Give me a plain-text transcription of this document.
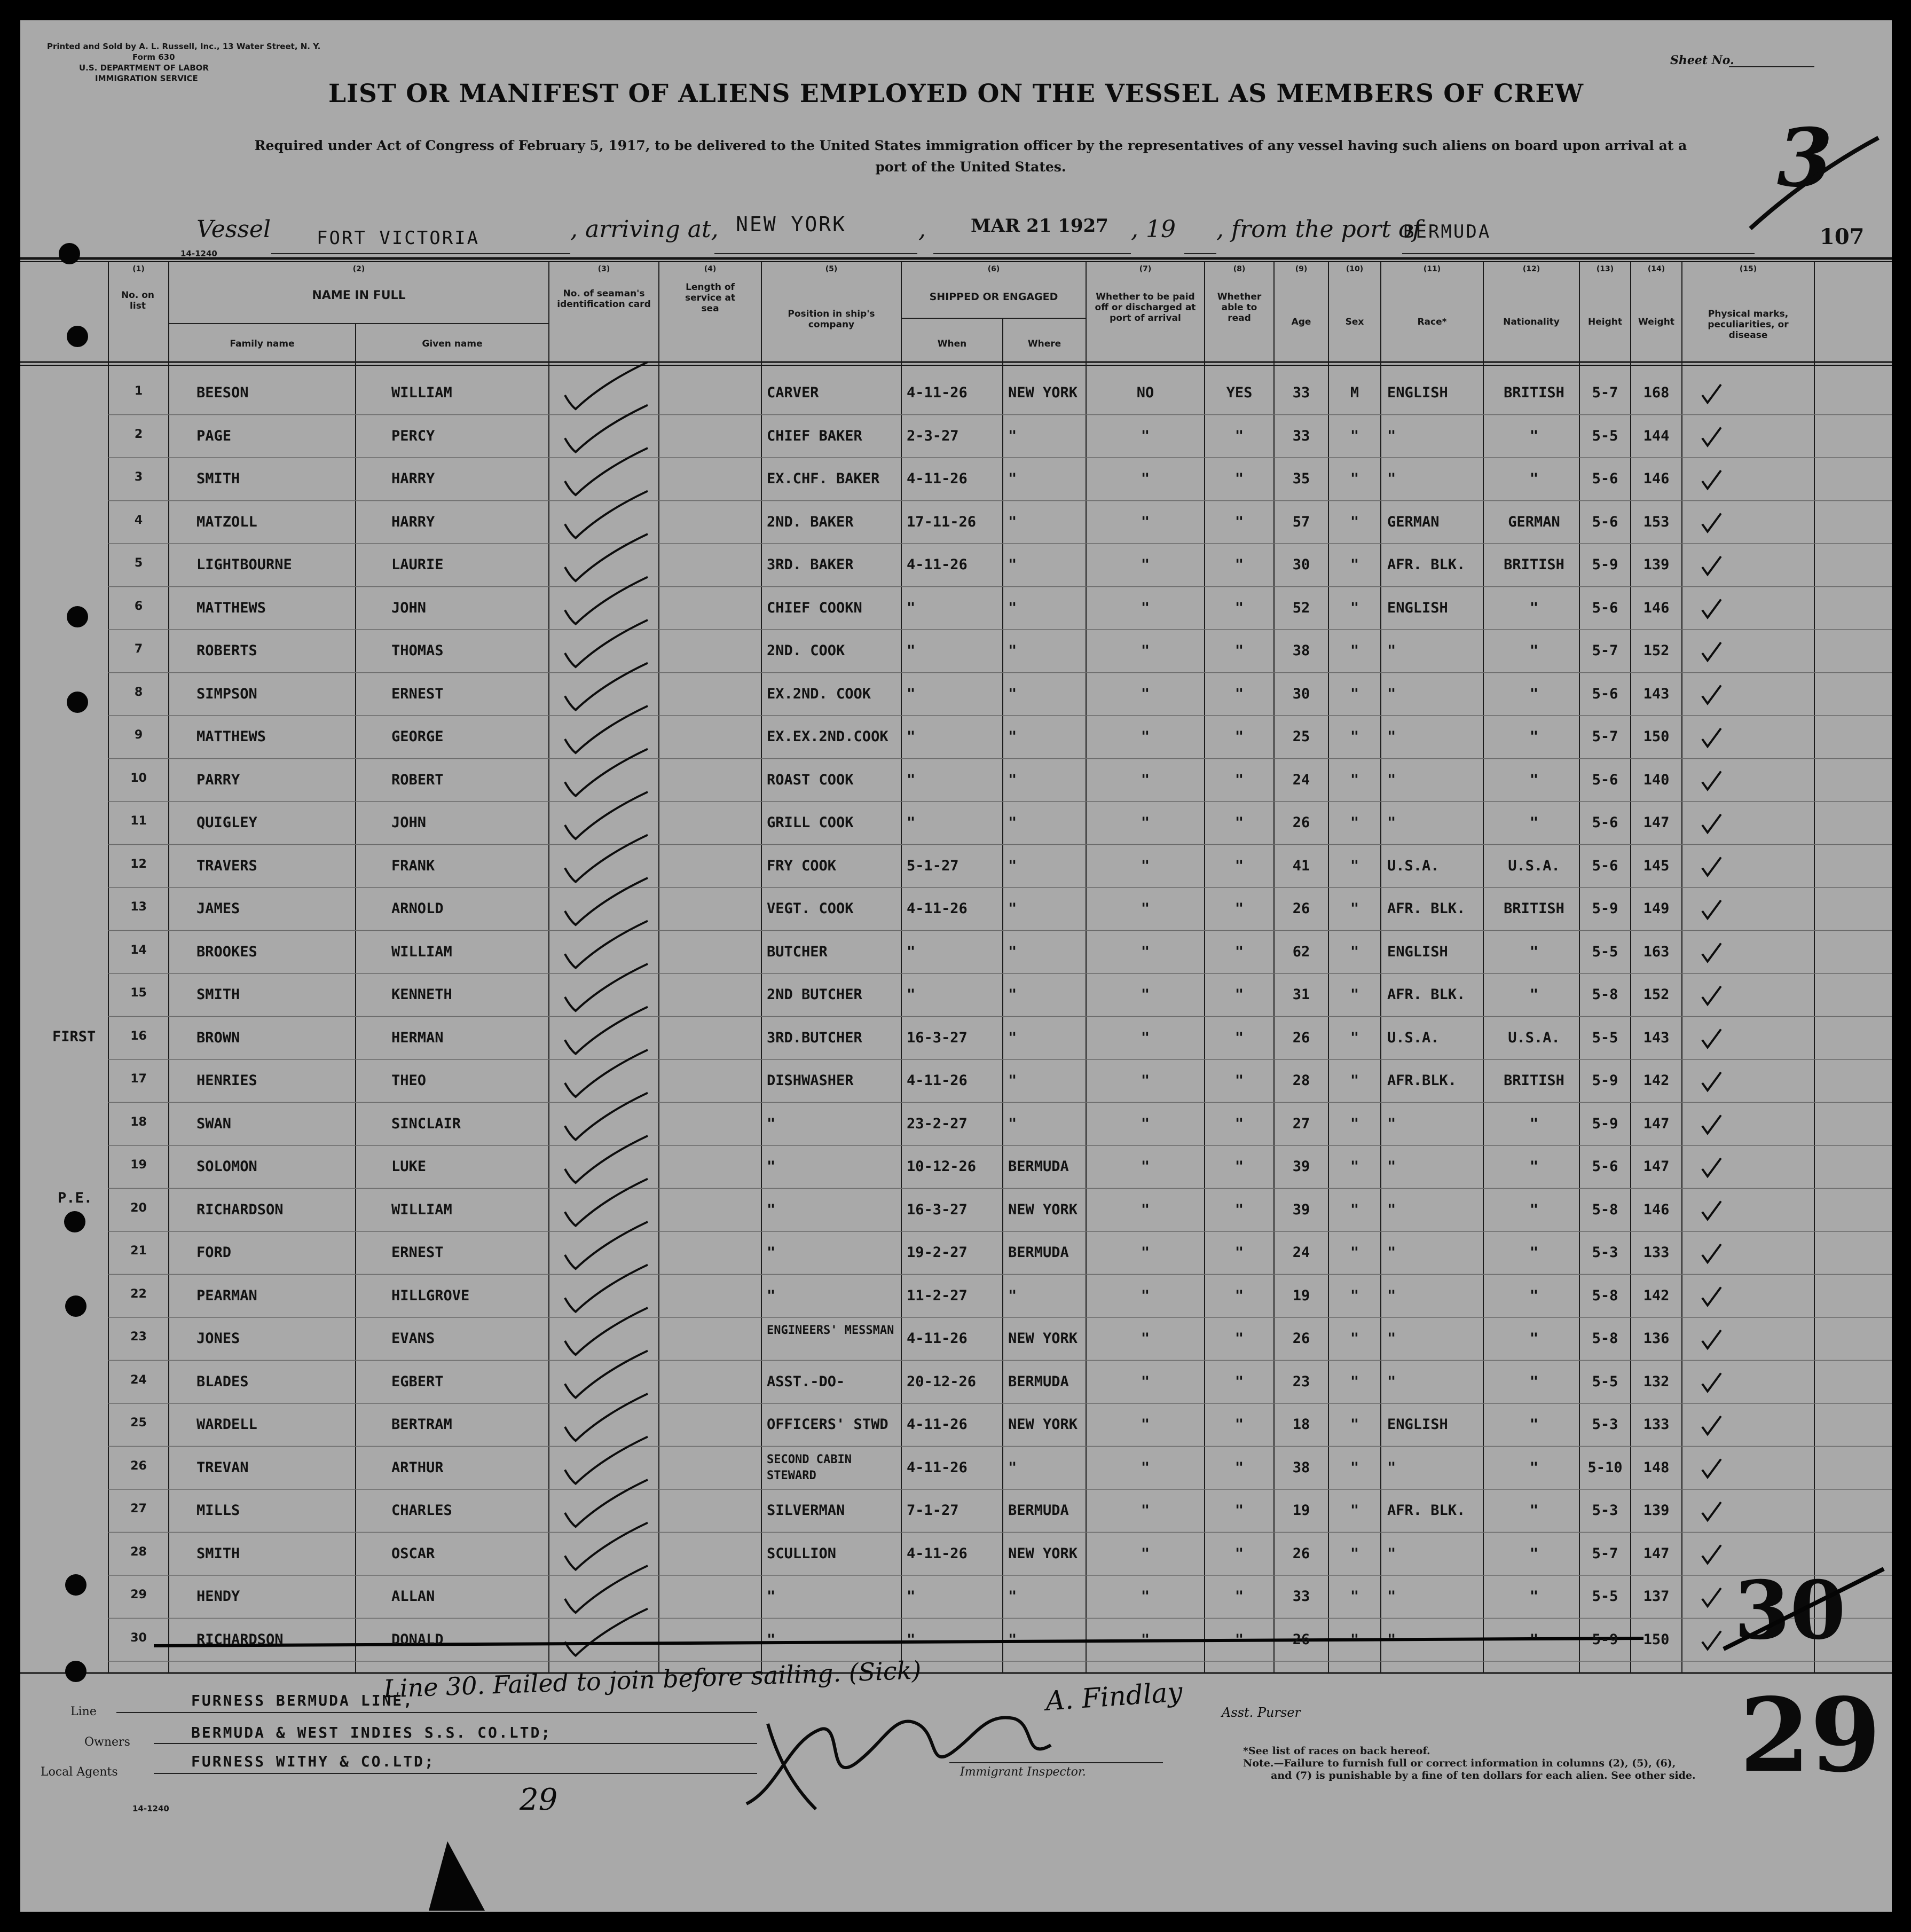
Printed and Sold by A. L. Russell, Inc., 13 Water Street, N. Y.
Form 630
U.S. DEPARTMENT OF LABOR
IMMIGRATION SERVICE
Sheet No.
LIST OR MANIFEST OF ALIENS EMPLOYED ON THE VESSEL AS MEMBERS OF CREW
Required under Act of Congress of February 5, 1917, to be delivered to the United States immigration officer by the representatives of any vessel having such aliens on board upon arrival at a
port of the United States.	3
107
Vessel	FORT VICTORIA	, arriving at, NEW YORK	, MAR 21 1927 , 19 , from the port of
BERMUDA
14-1240
(1)	(2)	(3)	(4)	(5)	(6)	(7)	(8)	(9)	(10)	(11)	(12)	(13)	(14)	(15)
No. on list
NAME IN FULL
Family name	Given name
No. of seaman's identification card
Length of service at sea	Position in ship's company
SHIPPED OR ENGAGED
When	Where
Whether to be paid off or discharged at port of arrival
Whether able to read	Age	Sex	Race*	Nationality	Height	Weight
Physical marks, peculiarities, or disease
1	BEESON	WILLIAM	CARVER	4-11-26	NEW YORK	NO	YES	33	M	ENGLISH	BRITISH	5-7	168
2	PAGE	PERCY	CHIEF BAKER	2-3-27	"	"	"	33	"	"	"	5-5	144
3	SMITH	HARRY	EX.CHF. BAKER	4-11-26	"	"	"	35	"	"	"	5-6	146
4	MATZOLL	HARRY	2ND. BAKER	17-11-26	"	"	"	57	"	GERMAN	GERMAN	5-6	153
5	LIGHTBOURNE	LAURIE	3RD. BAKER	4-11-26	"	"	"	30	"	AFR. BLK.	BRITISH	5-9	139
6	MATTHEWS	JOHN	CHIEF COOKN	"	"	"	"	52	"	ENGLISH	"	5-6	146
7	ROBERTS	THOMAS	2ND. COOK	"	"	"	"	38	"	"	"	5-7	152
8	SIMPSON	ERNEST	EX.2ND. COOK	"	"	"	"	30	"	"	"	5-6	143
9	MATTHEWS	GEORGE	EX.EX.2ND.COOK	"	"	"	"	25	"	"	"	5-7	150
10	PARRY	ROBERT	ROAST COOK	"	"	"	"	24	"	"	"	5-6	140
11	QUIGLEY	JOHN	GRILL COOK	"	"	"	"	26	"	"	"	5-6	147
12	TRAVERS	FRANK	FRY COOK	5-1-27	"	"	"	41	"	U.S.A.	U.S.A.	5-6	145
13	JAMES	ARNOLD	VEGT. COOK	4-11-26	"	"	"	26	"	AFR. BLK.	BRITISH	5-9	149
14	BROOKES	WILLIAM	BUTCHER	"	"	"	"	62	"	ENGLISH	"	5-5	163
15	SMITH	KENNETH	2ND BUTCHER	"	"	"	"	31	"	AFR. BLK.	"	5-8	152
16	BROWN	HERMAN	3RD.BUTCHER	16-3-27	"	"	"	26	"	U.S.A.	U.S.A.	5-5	143
17	HENRIES	THEO	DISHWASHER	4-11-26	"	"	"	28	"	AFR.BLK.	BRITISH	5-9	142
18	SWAN	SINCLAIR	"	23-2-27	"	"	"	27	"	"	"	5-9	147
19	SOLOMON	LUKE	"	10-12-26	BERMUDA	"	"	39	"	"	"	5-6	147
20	RICHARDSON	WILLIAM	"	16-3-27	NEW YORK	"	"	39	"	"	"	5-8	146
21	FORD	ERNEST	"	19-2-27	BERMUDA	"	"	24	"	"	"	5-3	133
22	PEARMAN	HILLGROVE	"	11-2-27	"	"	"	19	"	"	"	5-8	142
23	JONES	EVANS	ENGINEERS' MESSMAN 4-11-26	NEW YORK	"	"	26	"	"	"	5-8	136
24	BLADES	EGBERT	ASST.-DO-	20-12-26	BERMUDA	"	"	23	"	"	"	5-5	132
25	WARDELL	BERTRAM	OFFICERS' STWD	4-11-26	NEW YORK	"	"	18	"	ENGLISH	"	5-3	133
26	TREVAN	ARTHUR	SECOND CABIN STEWARD	4-11-26	"	"	"	38	"	"	"	5-10	148
27	MILLS	CHARLES	SILVERMAN	7-1-27	BERMUDA	"	"	19	"	AFR. BLK.	"	5-3	139
28	SMITH	OSCAR	SCULLION	4-11-26	NEW YORK	"	"	26	"	"	"	5-7	147
29	HENDY	ALLAN	"	"	"	"	"	33	"	"	"	5-5	137
30	RICHARDSON	DONALD	"	"	"	"	"	26	"	"	"	5-9	150
FIRST
P.E.
Line 30. Failed to join before sailing. (Sick)	A. Findlay	Asst. Purser
30
29
Immigrant Inspector.
Line
FURNESS BERMUDA LINE,
Owners
BERMUDA & WEST INDIES S.S. CO.LTD;
Local Agents
FURNESS WITHY & CO.LTD;
14-1240
*See list of races on back hereof.
Note.—Failure to furnish full or correct information in columns (2), (5), (6),
and (7) is punishable by a fine of ten dollars for each alien. See other side.
29
